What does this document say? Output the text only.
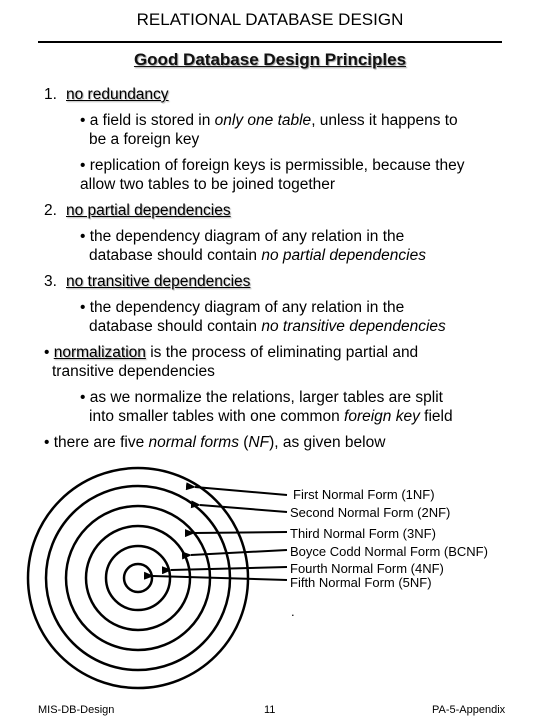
RELATIONAL DATABASE DESIGN
Good Database Design Principles
1. no redundancy
• a field is stored in only one table, unless it happens to
be a foreign key
• replication of foreign keys is permissible, because they
allow two tables to be joined together
2. no partial dependencies
• the dependency diagram of any relation in the
database should contain no partial dependencies
3. no transitive dependencies
• the dependency diagram of any relation in the
database should contain no transitive dependencies
• normalization is the process of eliminating partial and
transitive dependencies
• as we normalize the relations, larger tables are split
into smaller tables with one common foreign key field
• there are five normal forms (NF), as given below
First Normal Form (1NF)
Second Normal Form (2NF)
Third Normal Form (3NF)
Boyce Codd Normal Form (BCNF)
Fourth Normal Form (4NF)
Fifth Normal Form (5NF)
.
MIS-DB-Design	11	PA-5-Appendix
